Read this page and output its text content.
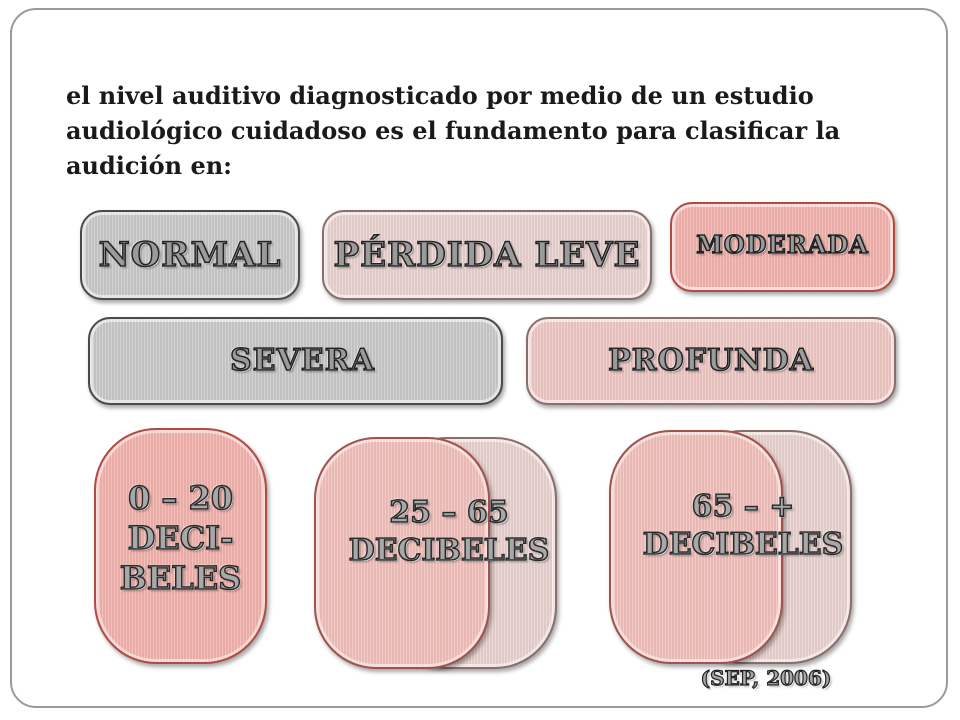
el nivel auditivo diagnosticado por medio de un estudio audiológico cuidadoso es el fundamento para clasificar la audición en:
NORMAL PÉRDIDA LEVE MODERADA
SEVERA	PROFUNDA
0 – 20
DECI-
BELES
25 – 65
DECIBELES
65 – +
DECIBELES
(SEP, 2006)
